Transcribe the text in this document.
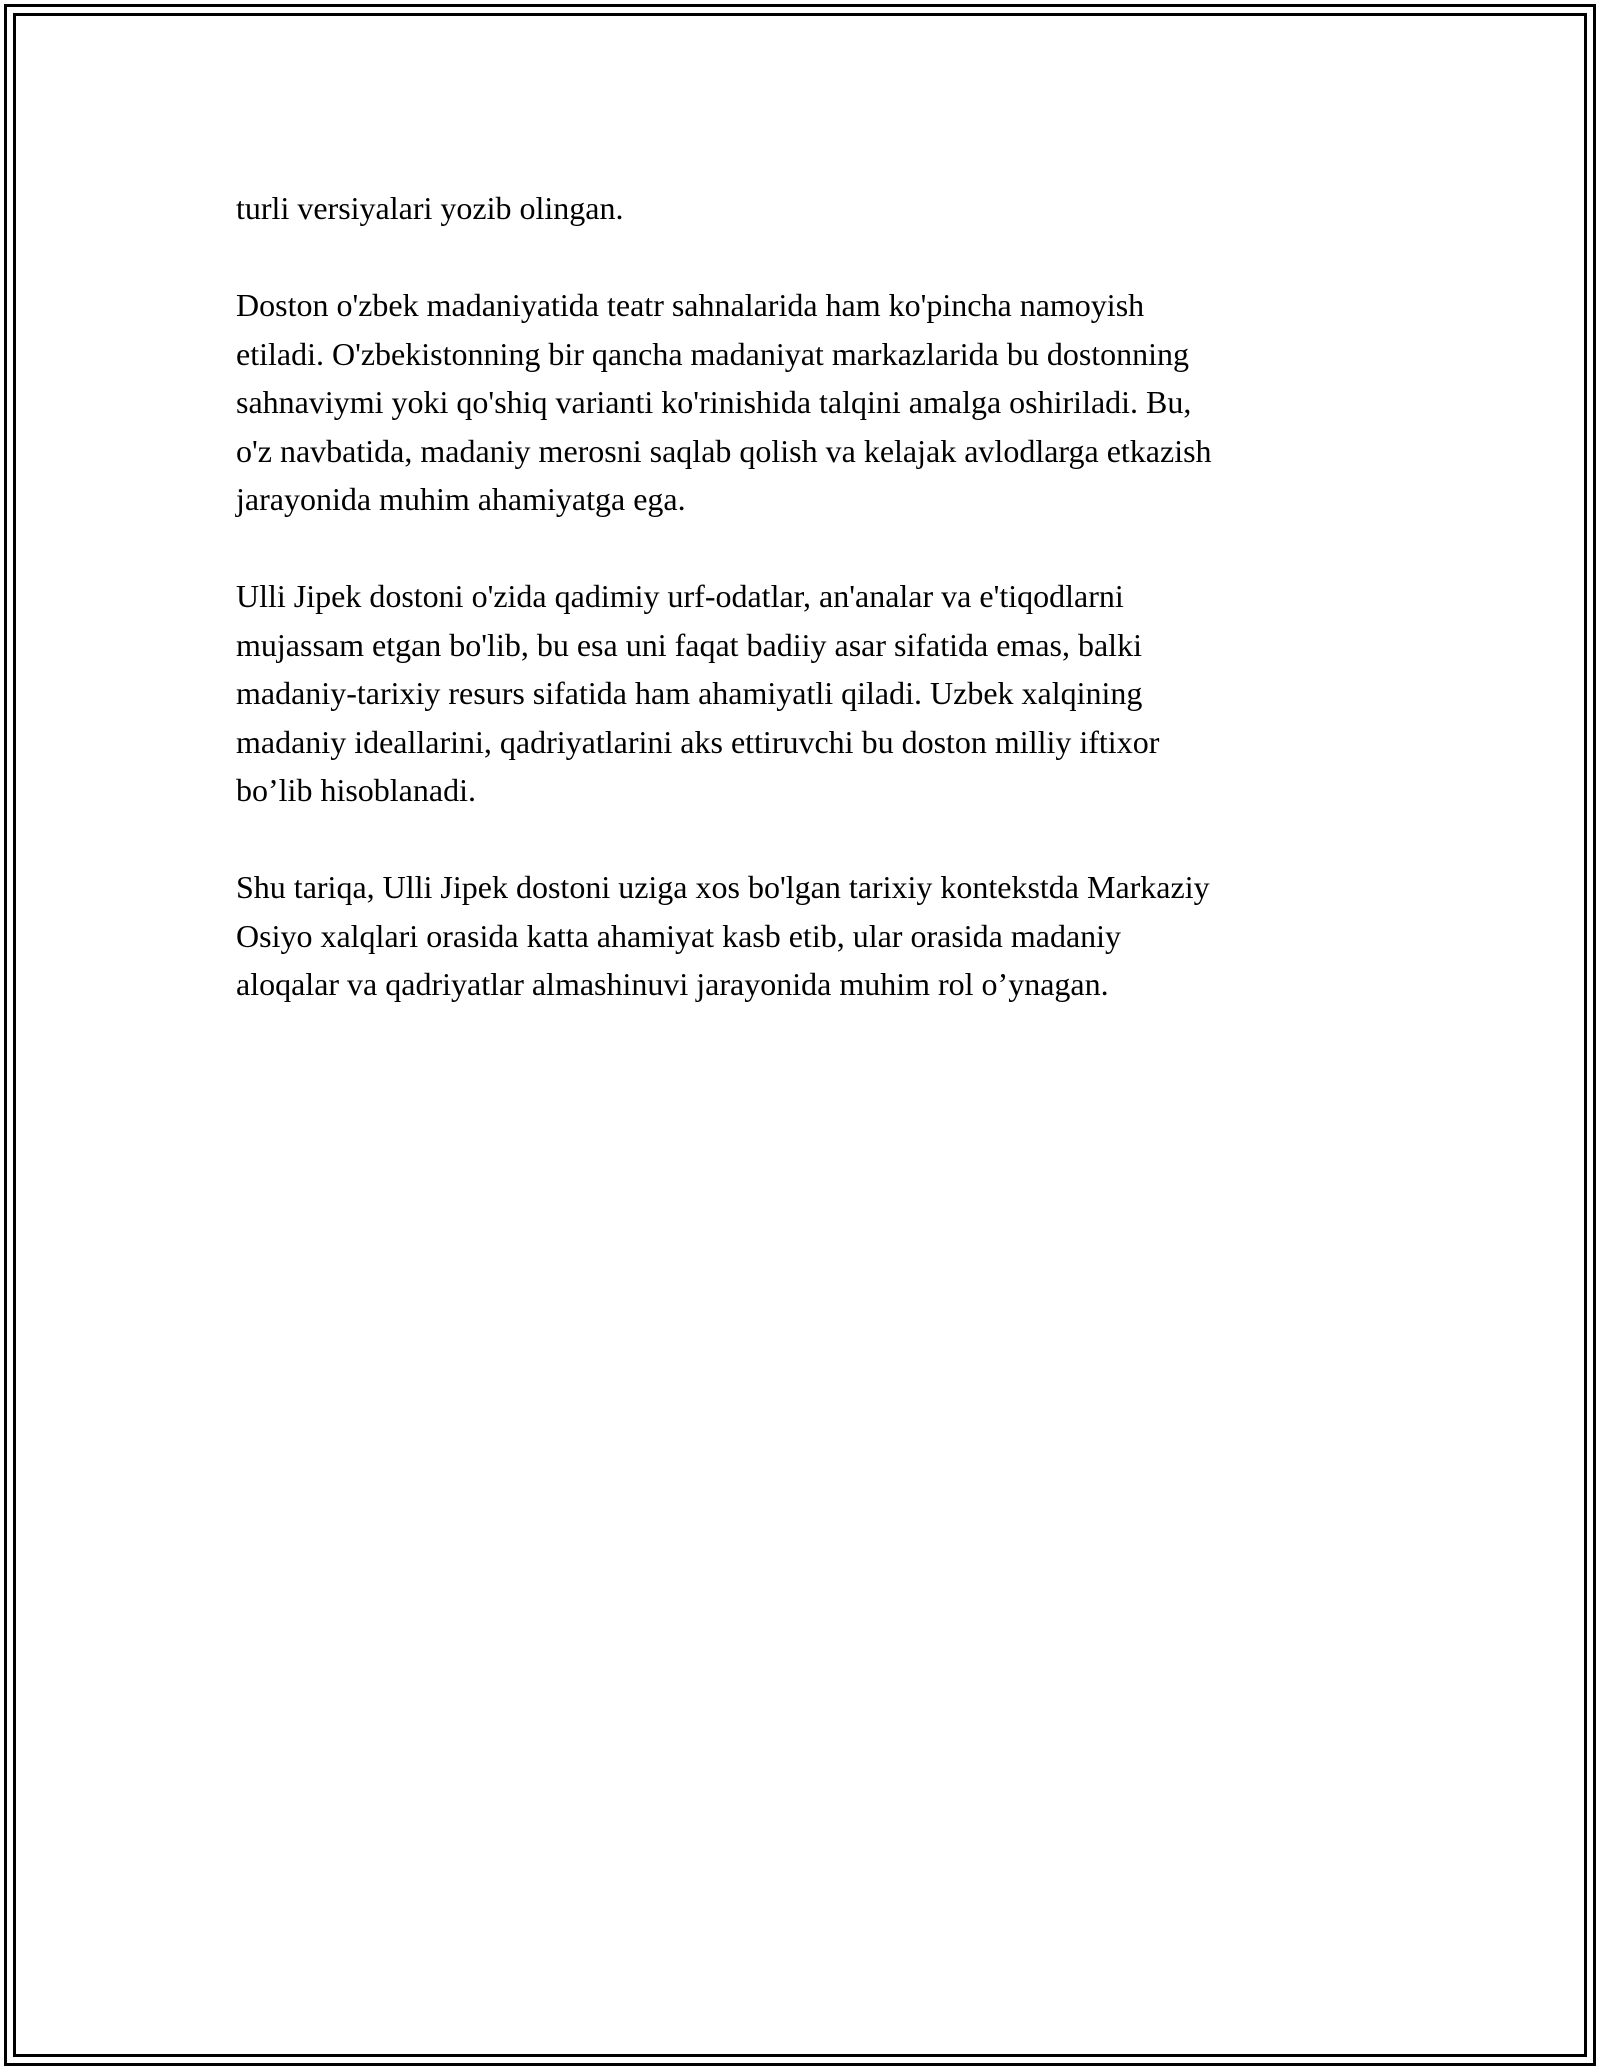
turli versiyalari yozib olingan.

Doston o'zbek madaniyatida teatr sahnalarida ham ko'pincha namoyish
etiladi. O'zbekistonning bir qancha madaniyat markazlarida bu dostonning
sahnaviymi yoki qo'shiq varianti ko'rinishida talqini amalga oshiriladi. Bu,
o'z navbatida, madaniy merosni saqlab qolish va kelajak avlodlarga etkazish
jarayonida muhim ahamiyatga ega.

Ulli Jipek dostoni o'zida qadimiy urf-odatlar, an'analar va e'tiqodlarni
mujassam etgan bo'lib, bu esa uni faqat badiiy asar sifatida emas, balki
madaniy-tarixiy resurs sifatida ham ahamiyatli qiladi. Uzbek xalqining
madaniy ideallarini, qadriyatlarini aks ettiruvchi bu doston milliy iftixor
bo’lib hisoblanadi.

Shu tariqa, Ulli Jipek dostoni uziga xos bo'lgan tarixiy kontekstda Markaziy
Osiyo xalqlari orasida katta ahamiyat kasb etib, ular orasida madaniy
aloqalar va qadriyatlar almashinuvi jarayonida muhim rol o’ynagan.
